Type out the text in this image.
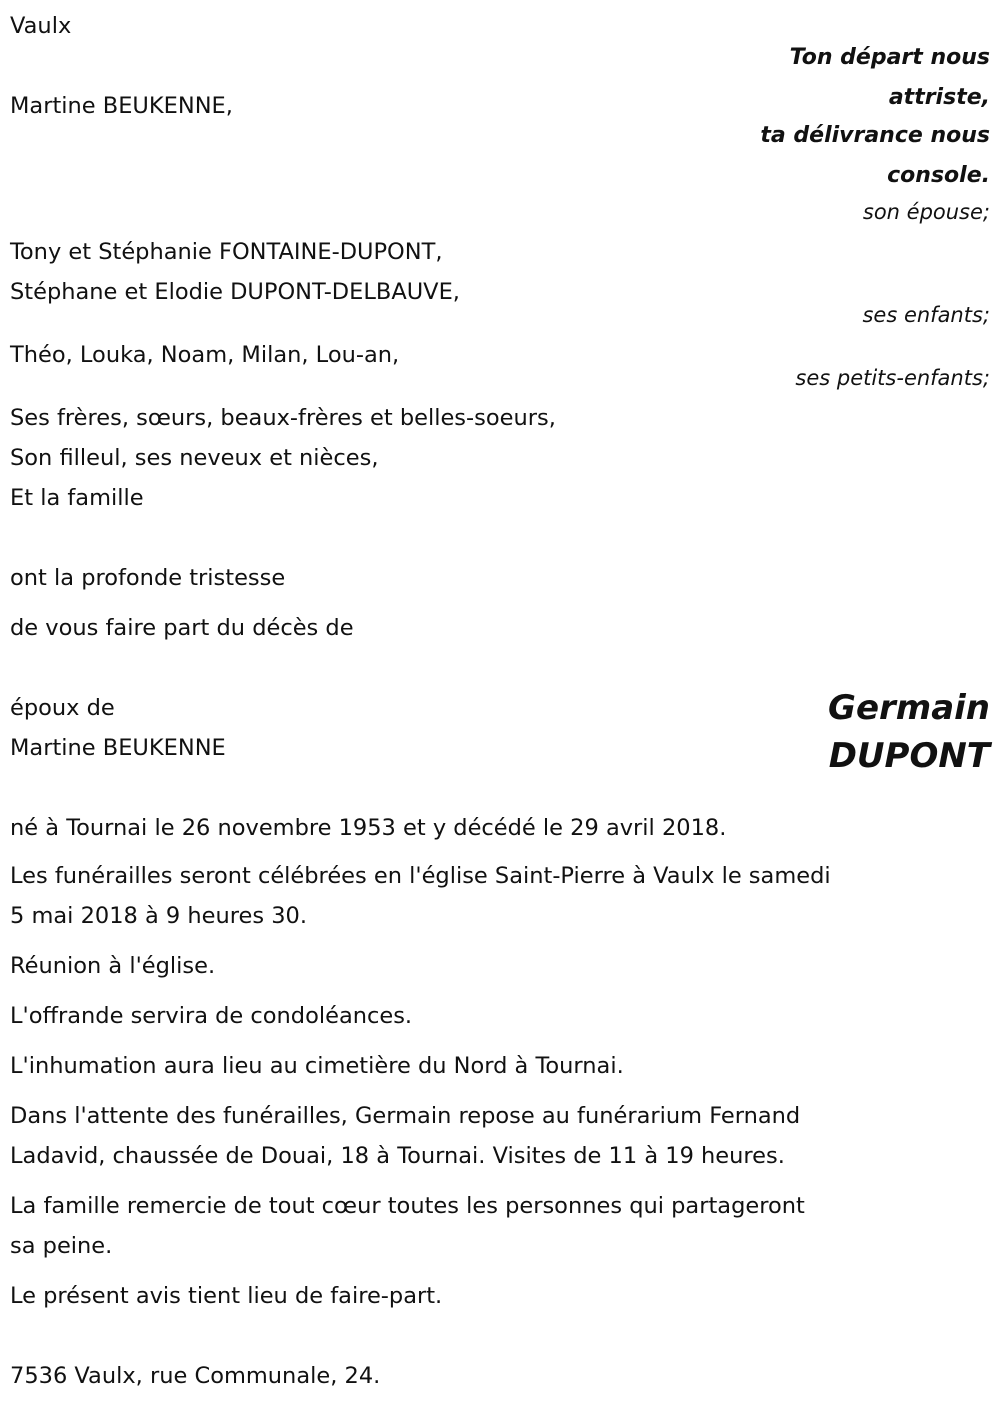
Vaulx
Ton départ nous
attriste,
ta délivrance nous
console.
Martine BEUKENNE,
son épouse;
Tony et Stéphanie FONTAINE-DUPONT,
Stéphane et Elodie DUPONT-DELBAUVE,
ses enfants;
Théo, Louka, Noam, Milan, Lou-an,
ses petits-enfants;
Ses frères, sœurs, beaux-frères et belles-soeurs,
Son filleul, ses neveux et nièces,
Et la famille
ont la profonde tristesse
de vous faire part du décès de
époux de
Martine BEUKENNE
Germain
DUPONT
né à Tournai le 26 novembre 1953 et y décédé le 29 avril 2018.
Les funérailles seront célébrées en l'église Saint-Pierre à Vaulx le samedi
5 mai 2018 à 9 heures 30.
Réunion à l'église.
L'offrande servira de condoléances.
L'inhumation aura lieu au cimetière du Nord à Tournai.
Dans l'attente des funérailles, Germain repose au funérarium Fernand
Ladavid, chaussée de Douai, 18 à Tournai. Visites de 11 à 19 heures.
La famille remercie de tout cœur toutes les personnes qui partageront
sa peine.
Le présent avis tient lieu de faire-part.
7536 Vaulx, rue Communale, 24.
